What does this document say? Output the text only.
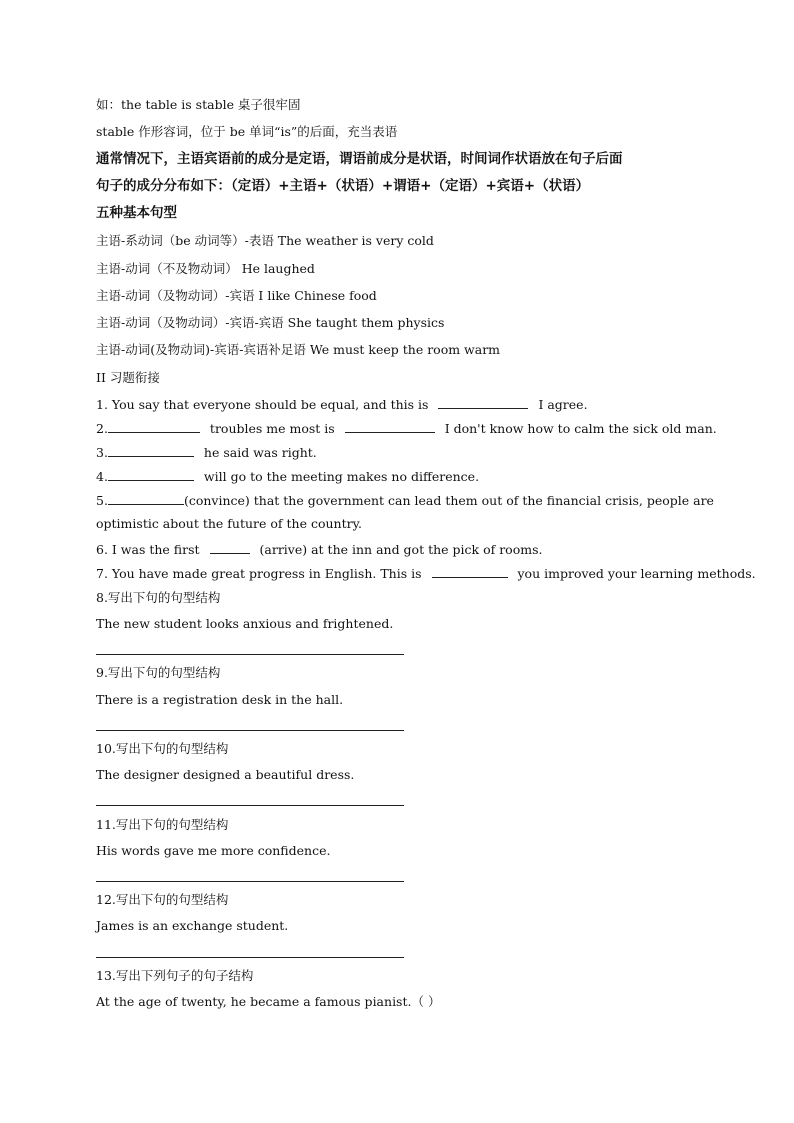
如：the table is stable 桌子很牢固
stable 作形容词，位于 be 单词“is”的后面，充当表语
通常情况下，主语宾语前的成分是定语，谓语前成分是状语，时间词作状语放在句子后面
句子的成分分布如下：（定语）+主语+（状语）+谓语+（定语）+宾语+（状语）
五种基本句型
主语-系动词（be 动词等）-表语 The weather is very cold
主语-动词（不及物动词） He laughed
主语-动词（及物动词）-宾语 I like Chinese food
主语-动词（及物动词）-宾语-宾语 She taught them physics
主语-动词(及物动词)-宾语-宾语补足语 We must keep the room warm
II 习题衔接
1. You say that everyone should be equal, and this is	I agree.
2.	troubles me most is	I don't know how to calm the sick old man.
3.	he said was right.
4.	will go to the meeting makes no difference.
5.	(convince) that the government can lead them out of the financial crisis, people are
optimistic about the future of the country.
6. I was the first	(arrive) at the inn and got the pick of rooms.
7. You have made great progress in English. This is	you improved your learning methods.
8.写出下句的句型结构
The new student looks anxious and frightened.
9.写出下句的句型结构
There is a registration desk in the hall.
10.写出下句的句型结构
The designer designed a beautiful dress.
11.写出下句的句型结构
His words gave me more confidence.
12.写出下句的句型结构
James is an exchange student.
13.写出下列句子的句子结构
At the age of twenty, he became a famous pianist.（ ）
